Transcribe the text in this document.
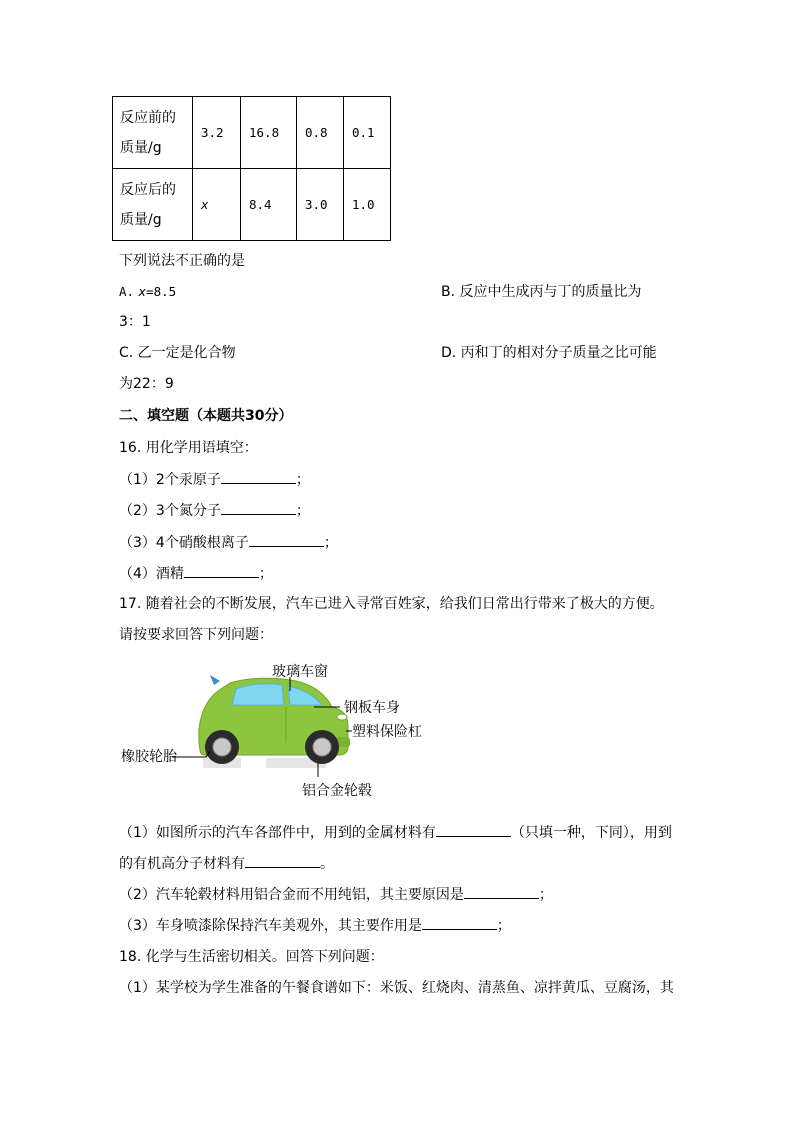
反应前的
质量/g	3.2	16.8	0.8	0.1

反应后的
质量/g	x	8.4	3.0	1.0
下列说法不正确的是
A. x=8.5	B. 反应中生成丙与丁的质量比为
3：1
C. 乙一定是化合物	D. 丙和丁的相对分子质量之比可能
为22：9
二、填空题（本题共30分）
16. 用化学用语填空：
（1）2个汞原子	；
（2）3个氮分子	；
（3）4个硝酸根离子	；
（4）酒精	；
17. 随着社会的不断发展，汽车已进入寻常百姓家，给我们日常出行带来了极大的方便。
请按要求回答下列问题：
玻璃车窗
钢板车身
塑料保险杠
橡胶轮胎
铝合金轮毂
（1）如图所示的汽车各部件中，用到的金属材料有	（只填一种，下同），用到
的有机高分子材料有	。
（2）汽车轮毂材料用铝合金而不用纯铝，其主要原因是	；
（3）车身喷漆除保持汽车美观外，其主要作用是	；
18. 化学与生活密切相关。回答下列问题：
（1）某学校为学生准备的午餐食谱如下：米饭、红烧肉、清蒸鱼、凉拌黄瓜、豆腐汤，其
